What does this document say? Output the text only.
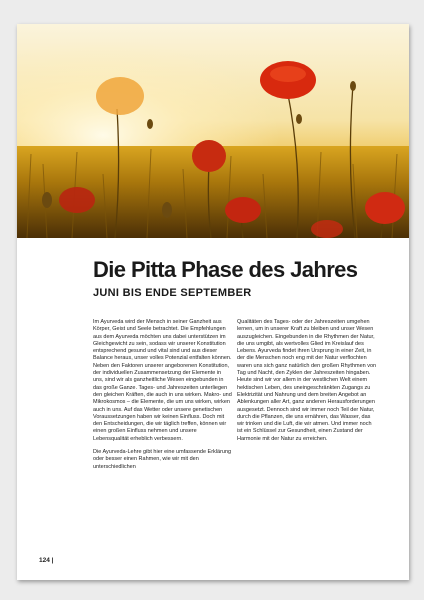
Die Pitta Phase des Jahres
JUNI BIS ENDE SEPTEMBER

Im Ayurveda wird der Mensch in seiner Ganzheit aus Körper, Geist und Seele betrachtet. Die Empfehlungen aus dem Ayurveda möchten uns dabei unterstützen im Gleichgewicht zu sein, sodass wir unserer Konstitution entsprechend gesund und vital sind und aus dieser Balance heraus, unser volles Potenzial entfalten können. Neben den Faktoren unserer angeborenen Konstitution, der individuellen Zusammensetzung der Elemente in uns, sind wir als ganzheitliche Wesen eingebunden in das große Ganze. Tages- und Jahreszeiten unterliegen den gleichen Kräften, die auch in uns wirken. Makro- und Mikrokosmos – die Elemente, die um uns wirken, wirken auch in uns. Auf das Wetter oder unsere genetischen Voraussetzungen haben wir keinen Einfluss. Doch mit den Entscheidungen, die wir täglich treffen, können wir einen großen Einfluss nehmen und unsere Lebensqualität erheblich verbessern.

Die Ayurveda-Lehre gibt hier eine umfassende Erklärung oder besser einen Rahmen, wie wir mit den unterschiedlichen

Qualitäten des Tages- oder der Jahreszeiten umgehen lernen, um in unserer Kraft zu bleiben und unser Wesen auszugleichen. Eingebunden in die Rhythmen der Natur, die uns umgibt, als wertvolles Glied im Kreislauf des Lebens. Ayurveda findet ihren Ursprung in einer Zeit, in der die Menschen noch eng mit der Natur verflochten waren uns sich ganz natürlich den großen Rhythmen von Tag und Nacht, den Zyklen der Jahreszeiten hingaben. Heute sind wir vor allem in der westlichen Welt einem hektischen Leben, des uneingeschränkten Zugangs zu Elektrizität und Nahrung und dem breiten Angebot an Ablenkungen aller Art, ganz anderen Herausforderungen ausgesetzt. Dennoch sind wir immer noch Teil der Natur, durch die Pflanzen, die uns ernähren, das Wasser, das wir trinken und die Luft, die wir atmen. Und immer noch ist ein Schlüssel zur Gesundheit, einen Zustand der Harmonie mit der Natur zu erreichen.

124 |
